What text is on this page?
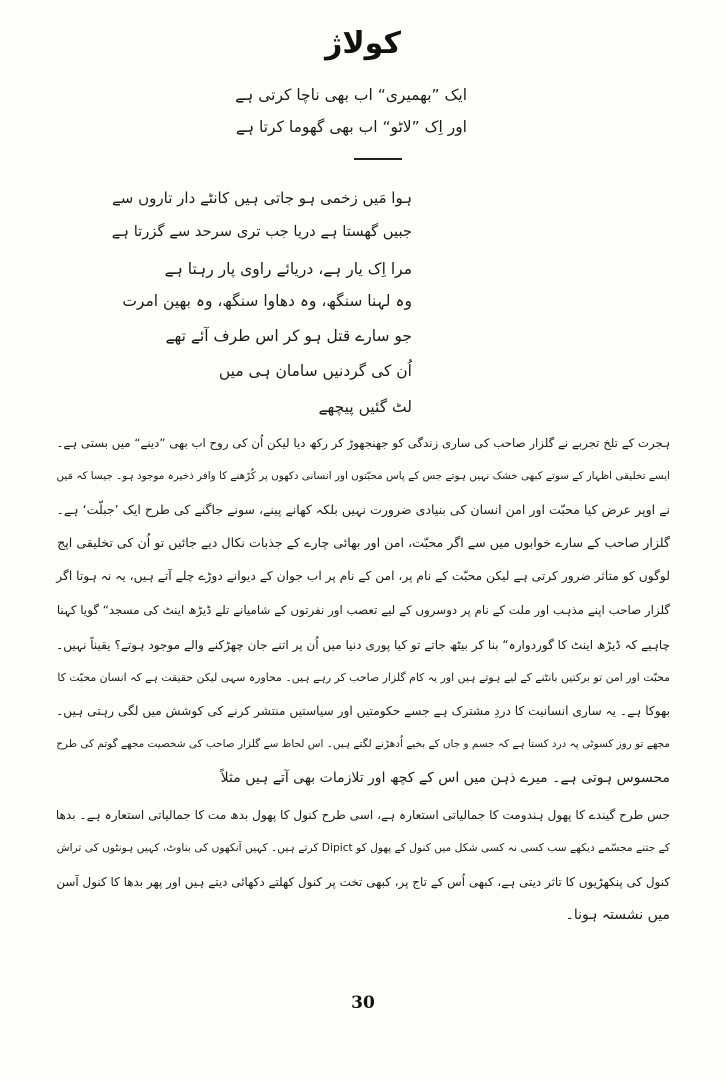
کولاژ
ایک ”بھمیری“ اب بھی ناچا کرتی ہے
اور اِک ”لاٹو“ اب بھی گھوما کرتا ہے
ہوا مَیں زخمی ہو جاتی ہیں کانٹے دار تاروں سے
جبیں گھستا ہے دریا جب تری سرحد سے گزرتا ہے
مرا اِک یار ہے، دریائے راوی پار رہتا ہے
وہ لہنا سنگھ، وہ دھاوا سنگھ، وہ بھین امرت
جو سارے قتل ہو کر اس طرف آئے تھے
اُن کی گردنیں سامان ہی میں
لٹ گئیں پیچھے
ہجرت کے تلخ تجربے نے گلزار صاحب کی ساری زندگی کو جھنجھوڑ کر رکھ دیا لیکن اُن کی روح اب بھی ”دینے“ میں بستی ہے۔
ایسے تخلیقی اظہار کے سوتے کبھی خشک نہیں ہوتے جس کے پاس محبّتوں اور انسانی دکھوں پر کُڑھنے کا وافر ذخیرہ موجود ہو۔ جیسا کہ مَیں
نے اوپر عرض کیا محبّت اور امن انسان کی بنیادی ضرورت نہیں بلکہ کھانے پینے، سونے جاگنے کی طرح ایک ’جبلّت‘ ہے۔
گلزار صاحب کے سارے خوابوں میں سے اگر محبّت، امن اور بھائی چارے کے جذبات نکال دیے جائیں تو اُن کی تخلیقی اپج
لوگوں کو متاثر ضرور کرتی ہے لیکن محبّت کے نام پر، امن کے نام پر اب جوان کے دیوانے دوڑے چلے آتے ہیں، یہ نہ ہوتا اگر
گلزار صاحب اپنے مذہب اور ملت کے نام پر دوسروں کے لیے تعصب اور نفرتوں کے شامیانے تلے ڈیڑھ اینٹ کی مسجد“ گویا کہنا
چاہیے کہ ڈیڑھ اینٹ کا گوردوارہ“ بنا کر بیٹھ جاتے تو کیا پوری دنیا میں اُن پر اتنے جان چھڑکنے والے موجود ہوتے؟ یقیناً نہیں۔
محبّت اور امن تو برکتیں بانٹنے کے لیے ہوتے ہیں اور یہ کام گلزار صاحب کر رہے ہیں۔ محاورہ سہی لیکن حقیقت ہے کہ انسان محبّت کا
بھوکا ہے۔ یہ ساری انسانیت کا دردِ مشترک ہے جسے حکومتیں اور سیاستیں منتشر کرنے کی کوشش میں لگی رہتی ہیں۔
مجھے تو روز کسوٹی پہ درد کستا ہے کہ جسم و جاں کے بخیے اُدھڑنے لگتے ہیں۔ اس لحاظ سے گلزار صاحب کی شخصیت مجھے گوتم کی طرح
محسوس ہوتی ہے۔ میرے ذہن میں اس کے کچھ اور تلازمات بھی آتے ہیں مثلاً
جس طرح گیندے کا پھول ہندومت کا جمالیاتی استعارہ ہے، اسی طرح کنول کا پھول بدھ مت کا جمالیاتی استعارہ ہے۔ بدھا
کے جتنے مجسّمے دیکھے سب کسی نہ کسی شکل میں کنول کے پھول کو Dipict کرتے ہیں۔ کہیں آنکھوں کی بناوٹ، کہیں ہونٹوں کی تراش
کنول کی پنکھڑیوں کا تاثر دیتی ہے، کبھی اُس کے تاج پر، کبھی تخت پر کنول کھلتے دکھائی دیتے ہیں اور پھر بدھا کا کنول آسن
میں نشستہ ہونا۔
30
